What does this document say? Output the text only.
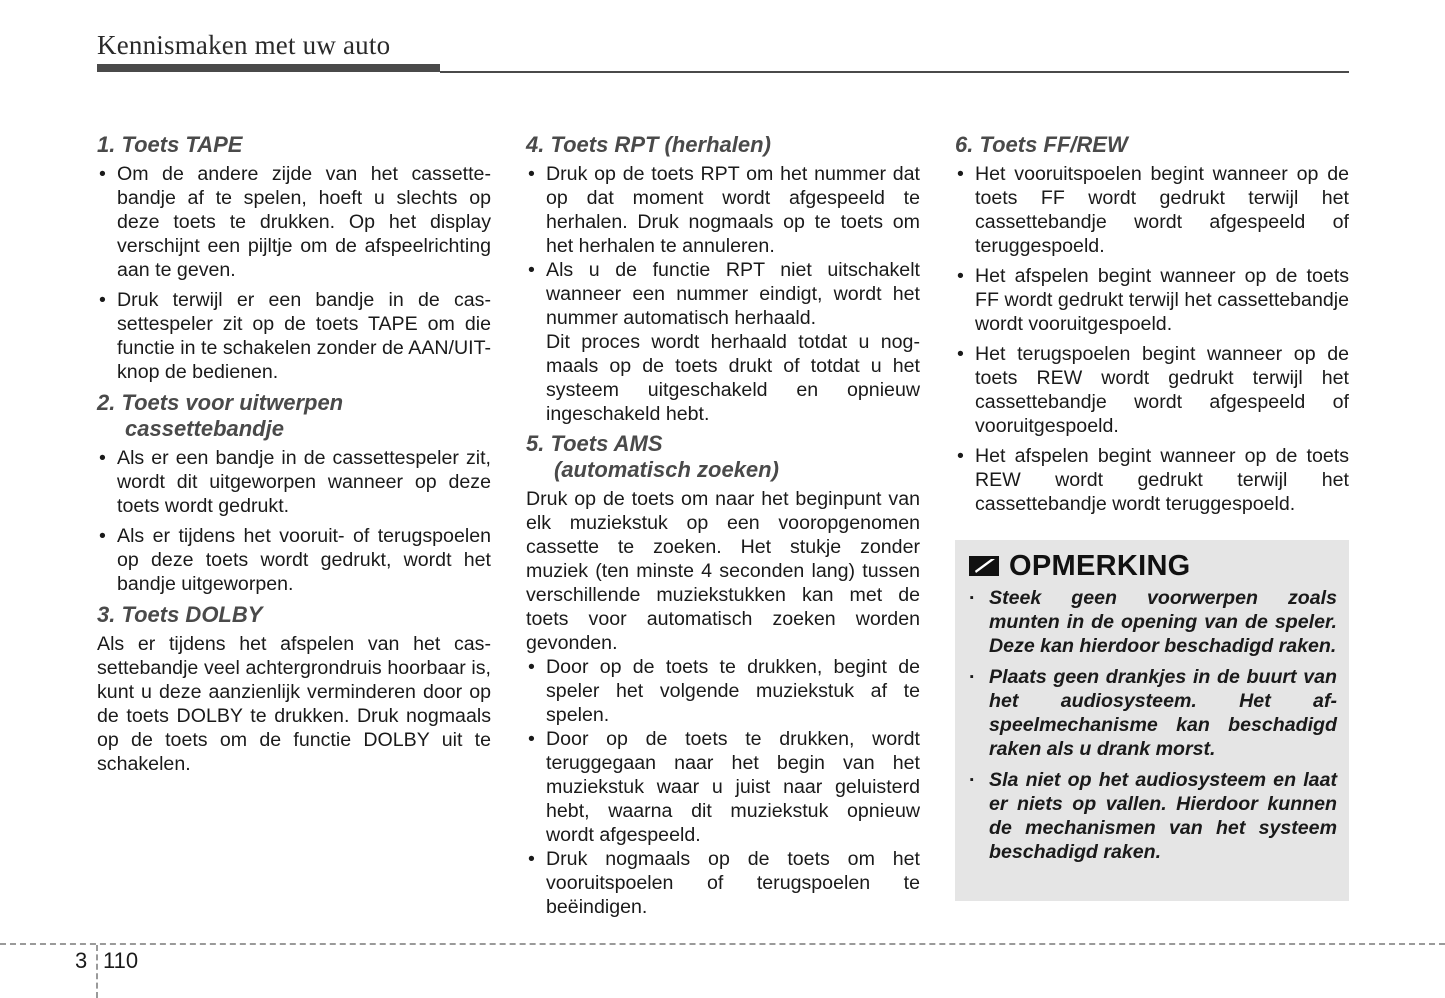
Kennismaken met uw auto
1. Toets TAPE
• Om de andere zijde van het cassettebandje af te spelen, hoeft u slechts op deze toets te drukken. Op het display verschijnt een pijltje om de afspeelrichting aan te geven.
• Druk terwijl er een bandje in de cassettespeler zit op de toets TAPE om die functie in te schakelen zonder de AAN/UIT-knop de bedienen.
2. Toets voor uitwerpen
cassettebandje
• Als er een bandje in de cassettespeler zit, wordt dit uitgeworpen wanneer op deze toets wordt gedrukt.
• Als er tijdens het vooruit- of terugspoelen op deze toets wordt gedrukt, wordt het bandje uitgeworpen.
3. Toets DOLBY

Als er tijdens het afspelen van het cassettebandje veel achtergrondruis hoorbaar is, kunt u deze aanzienlijk verminderen door op de toets DOLBY te drukken. Druk nogmaals op de toets om de functie DOLBY uit te schakelen.

4. Toets RPT (herhalen)
• Druk op de toets RPT om het nummer dat op dat moment wordt afgespeeld te herhalen. Druk nogmaals op te toets om het herhalen te annuleren.
• Als u de functie RPT niet uitschakelt wanneer een nummer eindigt, wordt het nummer automatisch herhaald.
Dit proces wordt herhaald totdat u nogmaals op de toets drukt of totdat u het systeem uitgeschakeld en opnieuw ingeschakeld hebt.
5. Toets AMS
(automatisch zoeken)

Druk op de toets om naar het beginpunt van elk muziekstuk op een vooropgenomen cassette te zoeken. Het stukje zonder muziek (ten minste 4 seconden lang) tussen verschillende muziekstukken kan met de toets voor automatisch zoeken worden gevonden.

• Door op de toets te drukken, begint de speler het volgende muziekstuk af te spelen.
• Door op de toets te drukken, wordt teruggegaan naar het begin van het muziekstuk waar u juist naar geluisterd hebt, waarna dit muziekstuk opnieuw wordt afgespeeld.
• Druk nogmaals op de toets om het vooruitspoelen of terugspoelen te beëindigen.
6. Toets FF/REW
• Het vooruitspoelen begint wanneer op de toets FF wordt gedrukt terwijl het cassettebandje wordt afgespeeld of teruggespoeld.
• Het afspelen begint wanneer op de toets FF wordt gedrukt terwijl het cassettebandje wordt vooruitgespoeld.
• Het terugspoelen begint wanneer op de toets REW wordt gedrukt terwijl het cassettebandje wordt afgespeeld of vooruitgespoeld.
• Het afspelen begint wanneer op de toets REW wordt gedrukt terwijl het cassettebandje wordt teruggespoeld.
OPMERKING
· Steek geen voorwerpen zoals munten in de opening van de speler. Deze kan hierdoor beschadigd raken.
· Plaats geen drankjes in de buurt van het audiosysteem. Het afspeelmechanisme kan beschadigd raken als u drank morst.
· Sla niet op het audiosysteem en laat er niets op vallen. Hierdoor kunnen de mechanismen van het systeem beschadigd raken.
3 110
